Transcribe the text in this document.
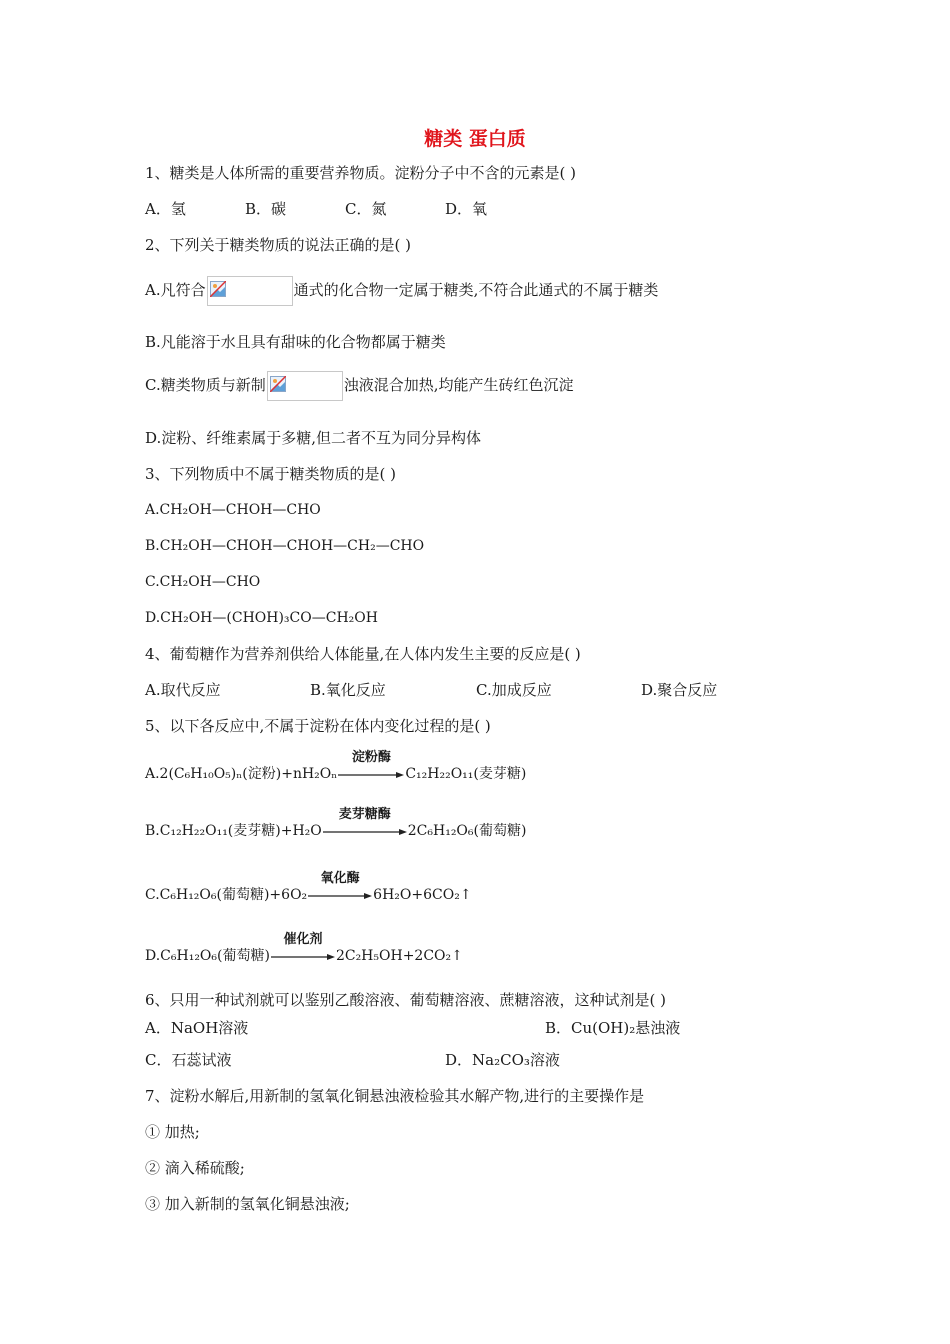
糖类 蛋白质
1、糖类是人体所需的重要营养物质。淀粉分子中不含的元素是( )
A．氢	B．碳	C．氮	D．氧
2、下列关于糖类物质的说法正确的是( )
A.凡符合	通式的化合物一定属于糖类,不符合此通式的不属于糖类
B.凡能溶于水且具有甜味的化合物都属于糖类
C.糖类物质与新制	浊液混合加热,均能产生砖红色沉淀
D.淀粉、纤维素属于多糖,但二者不互为同分异构体
3、下列物质中不属于糖类物质的是( )
A.CH₂OH—CHOH—CHO
B.CH₂OH—CHOH—CHOH—CH₂—CHO
C.CH₂OH—CHO
D.CH₂OH—(CHOH)₃CO—CH₂OH
4、葡萄糖作为营养剂供给人体能量,在人体内发生主要的反应是( )
A.取代反应	B.氧化反应	C.加成反应	D.聚合反应
5、以下各反应中,不属于淀粉在体内变化过程的是( )
A.2(C₆H₁₀O₅)ₙ(淀粉)+nH₂Oₙ
淀粉酶
C₁₂H₂₂O₁₁(麦芽糖)
B.C₁₂H₂₂O₁₁(麦芽糖)+H₂O
麦芽糖酶
2C₆H₁₂O₆(葡萄糖)
C.C₆H₁₂O₆(葡萄糖)+6O₂
氧化酶
6H₂O+6CO₂↑
D.C₆H₁₂O₆(葡萄糖)
催化剂
2C₂H₅OH+2CO₂↑
6、只用一种试剂就可以鉴别乙酸溶液、葡萄糖溶液、蔗糖溶液，这种试剂是( )
A．NaOH溶液	B．Cu(OH)₂悬浊液
C．石蕊试液	D．Na₂CO₃溶液
7、淀粉水解后,用新制的氢氧化铜悬浊液检验其水解产物,进行的主要操作是
① 加热;
② 滴入稀硫酸;
③ 加入新制的氢氧化铜悬浊液;
